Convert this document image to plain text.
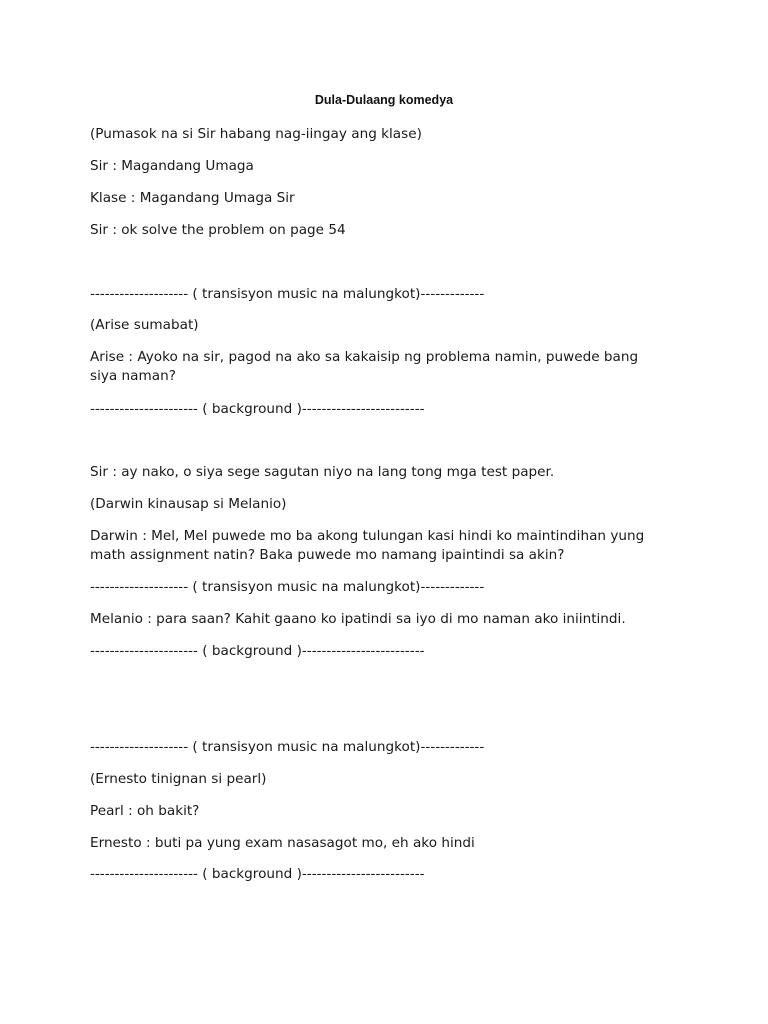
Dula-Dulaang komedya
(Pumasok na si Sir habang nag-iingay ang klase)
Sir : Magandang Umaga
Klase : Magandang Umaga Sir
Sir : ok solve the problem on page 54
-------------------- ( transisyon music na malungkot)-------------
(Arise sumabat)
Arise : Ayoko na sir, pagod na ako sa kakaisip ng problema namin, puwede bang
siya naman?
---------------------- ( background )-------------------------
Sir : ay nako, o siya sege sagutan niyo na lang tong mga test paper.
(Darwin kinausap si Melanio)
Darwin : Mel, Mel puwede mo ba akong tulungan kasi hindi ko maintindihan yung
math assignment natin? Baka puwede mo namang ipaintindi sa akin?
-------------------- ( transisyon music na malungkot)-------------
Melanio : para saan? Kahit gaano ko ipatindi sa iyo di mo naman ako iniintindi.
---------------------- ( background )-------------------------
-------------------- ( transisyon music na malungkot)-------------
(Ernesto tinignan si pearl)
Pearl : oh bakit?
Ernesto : buti pa yung exam nasasagot mo, eh ako hindi
---------------------- ( background )-------------------------
